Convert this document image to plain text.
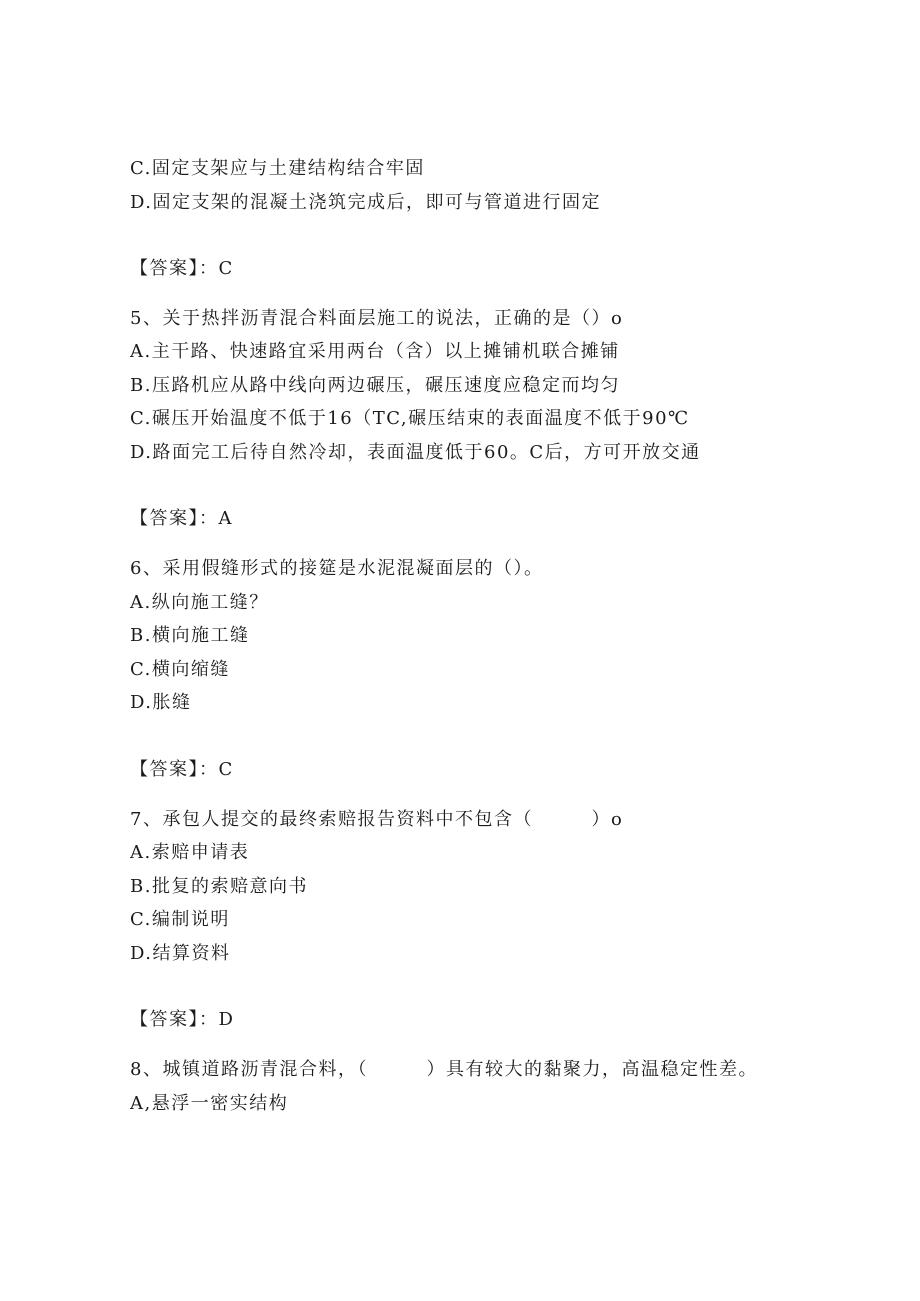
C.固定支架应与土建结构结合牢固
D.固定支架的混凝土浇筑完成后，即可与管道进行固定
【答案】：C
5、关于热拌沥青混合料面层施工的说法，正确的是（）o
A.主干路、快速路宜采用两台（含）以上摊铺机联合摊铺
B.压路机应从路中线向两边碾压，碾压速度应稳定而均匀
C.碾压开始温度不低于16（TC,碾压结束的表面温度不低于90℃
D.路面完工后待自然冷却，表面温度低于60。C后，方可开放交通
【答案】：A
6、采用假缝形式的接筵是水泥混凝面层的（）。
A.纵向施工缝？
B.横向施工缝
C.横向缩缝
D.胀缝
【答案】：C
7、承包人提交的最终索赔报告资料中不包含（　　　）o
A.索赔申请表
B.批复的索赔意向书
C.编制说明
D.结算资料
【答案】：D
8、城镇道路沥青混合料，（　　　）具有较大的黏聚力，高温稳定性差。
A,悬浮一密实结构
